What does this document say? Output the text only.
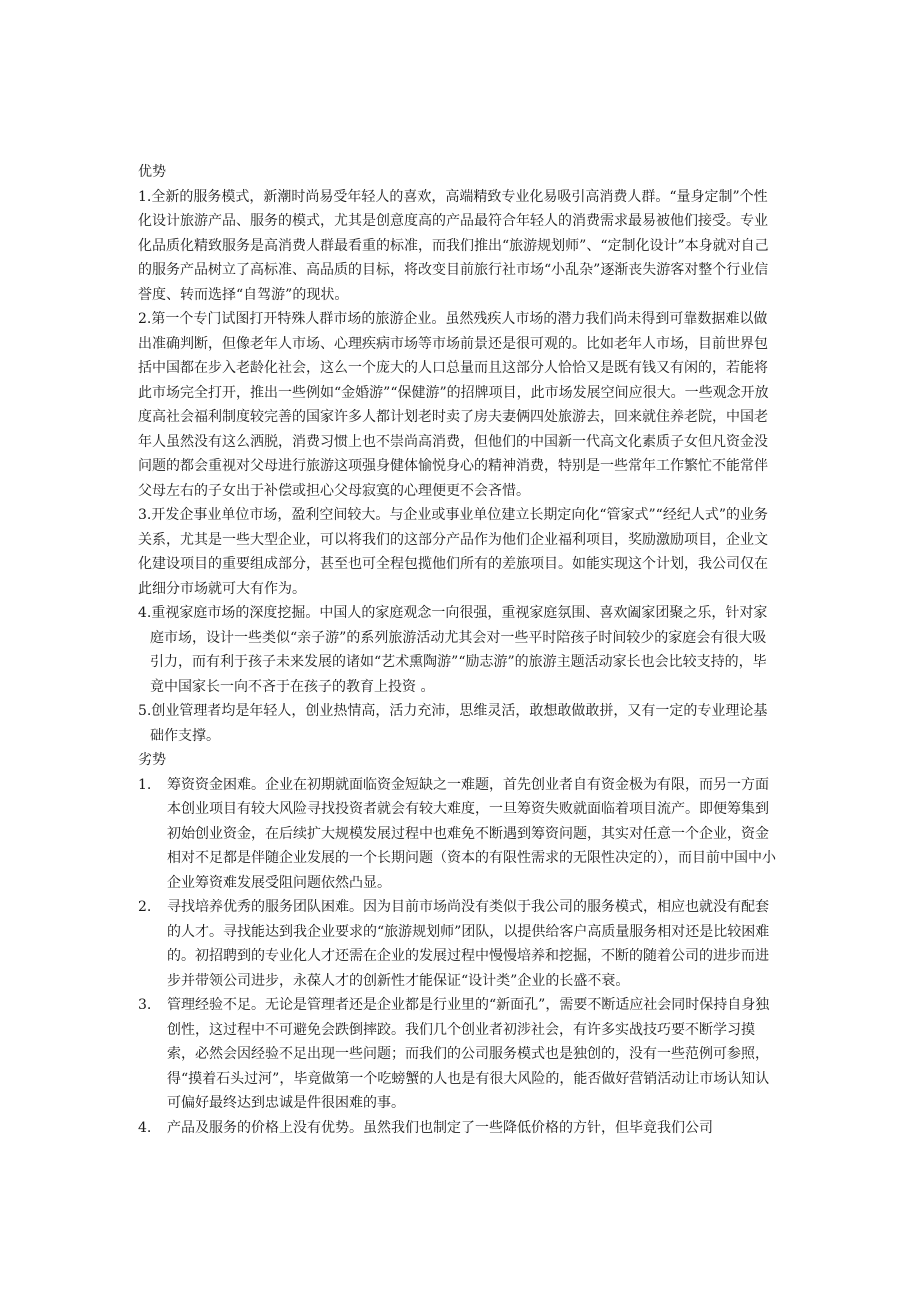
优势

1.全新的服务模式，新潮时尚易受年轻人的喜欢，高端精致专业化易吸引高消费人群。“量身定制”个性化设计旅游产品、服务的模式，尤其是创意度高的产品最符合年轻人的消费需求最易被他们接受。专业化品质化精致服务是高消费人群最看重的标准，而我们推出“旅游规划师”、“定制化设计”本身就对自己的服务产品树立了高标准、高品质的目标，将改变目前旅行社市场“小乱杂”逐渐丧失游客对整个行业信誉度、转而选择“自驾游”的现状。

2.第一个专门试图打开特殊人群市场的旅游企业。虽然残疾人市场的潜力我们尚未得到可靠数据难以做出准确判断，但像老年人市场、心理疾病市场等市场前景还是很可观的。比如老年人市场，目前世界包括中国都在步入老龄化社会，这么一个庞大的人口总量而且这部分人恰恰又是既有钱又有闲的，若能将此市场完全打开，推出一些例如“金婚游”“保健游”的招牌项目，此市场发展空间应很大。一些观念开放度高社会福利制度较完善的国家许多人都计划老时卖了房夫妻俩四处旅游去，回来就住养老院，中国老年人虽然没有这么洒脱，消费习惯上也不崇尚高消费，但他们的中国新一代高文化素质子女但凡资金没问题的都会重视对父母进行旅游这项强身健体愉悦身心的精神消费，特别是一些常年工作繁忙不能常伴父母左右的子女出于补偿或担心父母寂寞的心理便更不会吝惜。

3.开发企事业单位市场，盈利空间较大。与企业或事业单位建立长期定向化“管家式”“经纪人式”的业务关系，尤其是一些大型企业，可以将我们的这部分产品作为他们企业福利项目，奖励激励项目，企业文化建设项目的重要组成部分，甚至也可全程包揽他们所有的差旅项目。如能实现这个计划，我公司仅在此细分市场就可大有作为。

4.重视家庭市场的深度挖掘。中国人的家庭观念一向很强，重视家庭氛围、喜欢阖家团聚之乐，针对家庭市场，设计一些类似“亲子游”的系列旅游活动尤其会对一些平时陪孩子时间较少的家庭会有很大吸引力，而有利于孩子未来发展的诸如“艺术熏陶游”“励志游”的旅游主题活动家长也会比较支持的，毕竟中国家长一向不吝于在孩子的教育上投资 。

5.创业管理者均是年轻人，创业热情高，活力充沛，思维灵活，敢想敢做敢拼，又有一定的专业理论基础作支撑。

劣势

1. 筹资资金困难。企业在初期就面临资金短缺之一难题，首先创业者自有资金极为有限，而另一方面本创业项目有较大风险寻找投资者就会有较大难度，一旦筹资失败就面临着项目流产。即便筹集到初始创业资金，在后续扩大规模发展过程中也难免不断遇到筹资问题，其实对任意一个企业，资金相对不足都是伴随企业发展的一个长期问题（资本的有限性需求的无限性决定的），而目前中国中小企业筹资难发展受阻问题依然凸显。
2. 寻找培养优秀的服务团队困难。因为目前市场尚没有类似于我公司的服务模式，相应也就没有配套的人才。寻找能达到我企业要求的“旅游规划师”团队，以提供给客户高质量服务相对还是比较困难的。初招聘到的专业化人才还需在企业的发展过程中慢慢培养和挖掘，不断的随着公司的进步而进步并带领公司进步，永葆人才的创新性才能保证“设计类”企业的长盛不衰。
3. 管理经验不足。无论是管理者还是企业都是行业里的“新面孔”，需要不断适应社会同时保持自身独创性，这过程中不可避免会跌倒摔跤。我们几个创业者初涉社会，有许多实战技巧要不断学习摸索，必然会因经验不足出现一些问题；而我们的公司服务模式也是独创的，没有一些范例可参照，得“摸着石头过河”，毕竟做第一个吃螃蟹的人也是有很大风险的，能否做好营销活动让市场认知认可偏好最终达到忠诚是件很困难的事。
4. 产品及服务的价格上没有优势。虽然我们也制定了一些降低价格的方针，但毕竟我们公司
